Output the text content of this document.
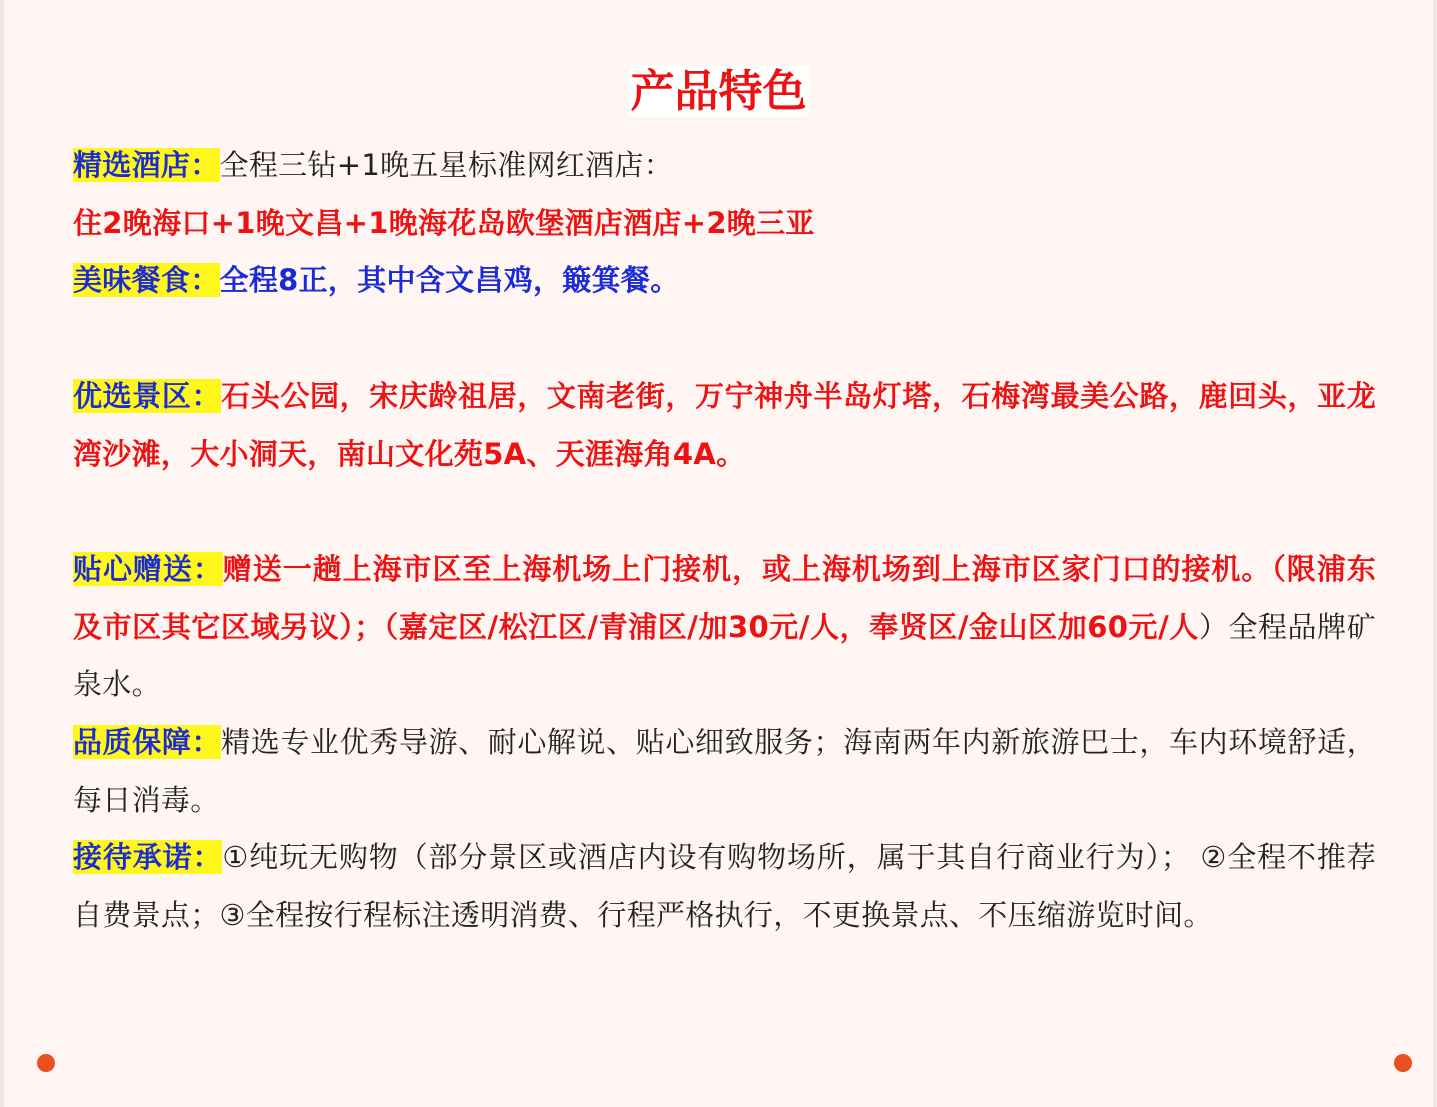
产品特色
精选酒店：全程三钻+1晚五星标准网红酒店：
住2晚海口+1晚文昌+1晚海花岛欧堡酒店酒店+2晚三亚
美味餐食：全程8正，其中含文昌鸡，簸箕餐。
优选景区：石头公园，宋庆龄祖居，文南老街，万宁神舟半岛灯塔，石梅湾最美公路，鹿回头，亚龙湾沙滩，大小洞天，南山文化苑5A、天涯海角4A。
贴心赠送：赠送一趟上海市区至上海机场上门接机，或上海机场到上海市区家门口的接机。（限浦东及市区其它区域另议）；（嘉定区/松江区/青浦区/加30元/人，奉贤区/金山区加60元/人）全程品牌矿泉水。
品质保障：精选专业优秀导游、耐心解说、贴心细致服务；海南两年内新旅游巴士，车内环境舒适，每日消毒。
接待承诺：①纯玩无购物（部分景区或酒店内设有购物场所，属于其自行商业行为）； ②全程不推荐自费景点；③全程按行程标注透明消费、行程严格执行，不更换景点、不压缩游览时间。
